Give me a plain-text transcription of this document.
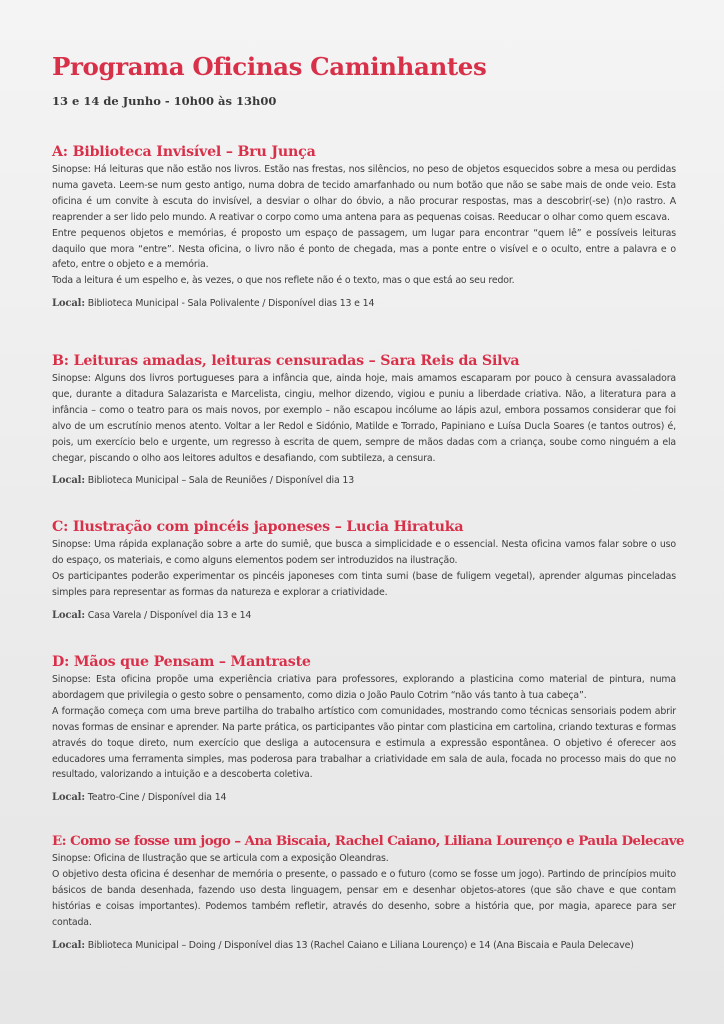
Programa Oficinas Caminhantes
13 e 14 de Junho - 10h00 às 13h00
A: Biblioteca Invisível – Bru Junça

Sinopse: Há leituras que não estão nos livros. Estão nas frestas, nos silêncios, no peso de objetos esquecidos sobre a mesa ou perdidas numa gaveta. Leem-se num gesto antigo, numa dobra de tecido amarfanhado ou num botão que não se sabe mais de onde veio. Esta oficina é um convite à escuta do invisível, a desviar o olhar do óbvio, a não procurar respostas, mas a descobrir(-se) (n)o rastro. A reaprender a ser lido pelo mundo. A reativar o corpo como uma antena para as pequenas coisas. Reeducar o olhar como quem escava.

Entre pequenos objetos e memórias, é proposto um espaço de passagem, um lugar para encontrar “quem lê” e possíveis leituras daquilo que mora “entre”. Nesta oficina, o livro não é ponto de chegada, mas a ponte entre o visível e o oculto, entre a palavra e o afeto, entre o objeto e a memória.

Toda a leitura é um espelho e, às vezes, o que nos reflete não é o texto, mas o que está ao seu redor.

Local: Biblioteca Municipal - Sala Polivalente / Disponível dias 13 e 14
B: Leituras amadas, leituras censuradas – Sara Reis da Silva

Sinopse: Alguns dos livros portugueses para a infância que, ainda hoje, mais amamos escaparam por pouco à censura avassaladora que, durante a ditadura Salazarista e Marcelista, cingiu, melhor dizendo, vigiou e puniu a liberdade criativa. Não, a literatura para a infância – como o teatro para os mais novos, por exemplo – não escapou incólume ao lápis azul, embora possamos considerar que foi alvo de um escrutínio menos atento. Voltar a ler Redol e Sidónio, Matilde e Torrado, Papiniano e Luísa Ducla Soares (e tantos outros) é, pois, um exercício belo e urgente, um regresso à escrita de quem, sempre de mãos dadas com a criança, soube como ninguém a ela chegar, piscando o olho aos leitores adultos e desafiando, com subtileza, a censura.

Local: Biblioteca Municipal – Sala de Reuniões / Disponível dia 13
C: Ilustração com pincéis japoneses – Lucia Hiratuka

Sinopse: Uma rápida explanação sobre a arte do sumiê, que busca a simplicidade e o essencial. Nesta oficina vamos falar sobre o uso do espaço, os materiais, e como alguns elementos podem ser introduzidos na ilustração.

Os participantes poderão experimentar os pincéis japoneses com tinta sumi (base de fuligem vegetal), aprender algumas pinceladas simples para representar as formas da natureza e explorar a criatividade.

Local: Casa Varela / Disponível dia 13 e 14
D: Mãos que Pensam – Mantraste

Sinopse: Esta oficina propõe uma experiência criativa para professores, explorando a plasticina como material de pintura, numa abordagem que privilegia o gesto sobre o pensamento, como dizia o João Paulo Cotrim “não vás tanto à tua cabeça”.

A formação começa com uma breve partilha do trabalho artístico com comunidades, mostrando como técnicas sensoriais podem abrir novas formas de ensinar e aprender. Na parte prática, os participantes vão pintar com plasticina em cartolina, criando texturas e formas através do toque direto, num exercício que desliga a autocensura e estimula a expressão espontânea. O objetivo é oferecer aos educadores uma ferramenta simples, mas poderosa para trabalhar a criatividade em sala de aula, focada no processo mais do que no resultado, valorizando a intuição e a descoberta coletiva.

Local: Teatro-Cine / Disponível dia 14
E: Como se fosse um jogo – Ana Biscaia, Rachel Caiano, Liliana Lourenço e Paula Delecave

Sinopse: Oficina de Ilustração que se articula com a exposição Oleandras.

O objetivo desta oficina é desenhar de memória o presente, o passado e o futuro (como se fosse um jogo). Partindo de princípios muito básicos de banda desenhada, fazendo uso desta linguagem, pensar em e desenhar objetos-atores (que são chave e que contam histórias e coisas importantes). Podemos também refletir, através do desenho, sobre a história que, por magia, aparece para ser contada.

Local: Biblioteca Municipal – Doing / Disponível dias 13 (Rachel Caiano e Liliana Lourenço) e 14 (Ana Biscaia e Paula Delecave)
